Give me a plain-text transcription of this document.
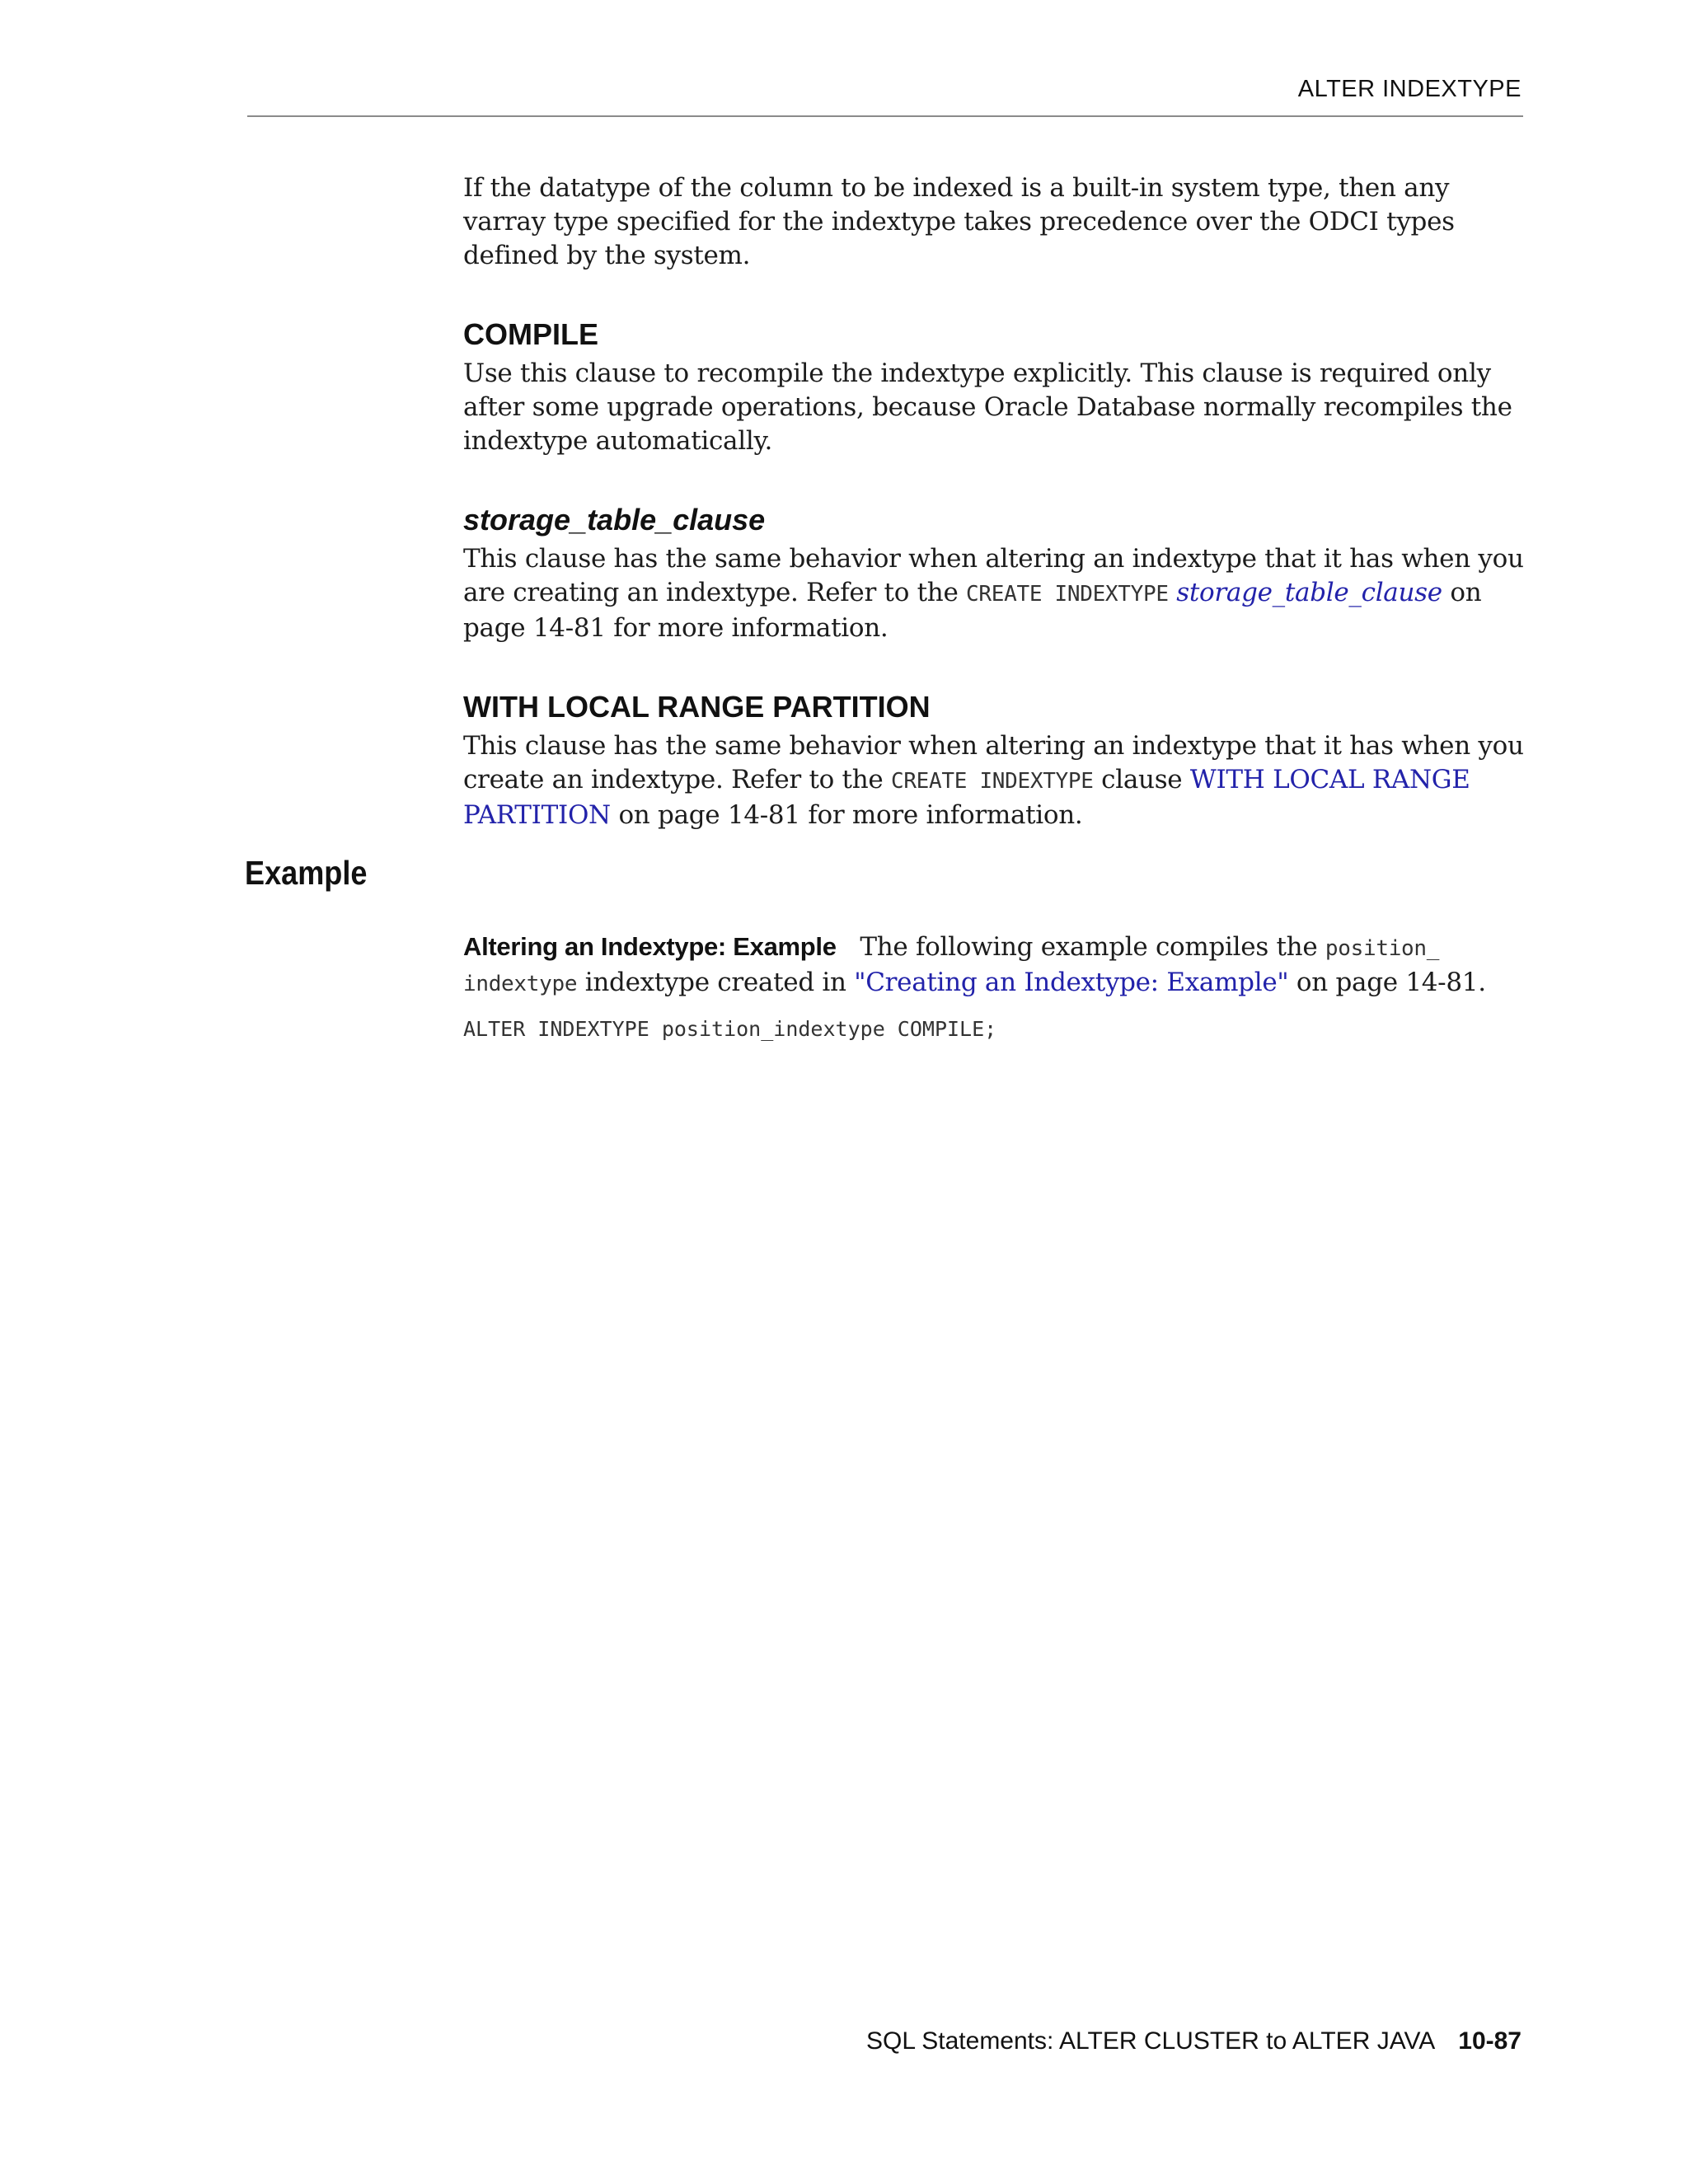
ALTER INDEXTYPE

If the datatype of the column to be indexed is a built-in system type, then any varray type specified for the indextype takes precedence over the ODCI types defined by the system.

COMPILE

Use this clause to recompile the indextype explicitly. This clause is required only after some upgrade operations, because Oracle Database normally recompiles the indextype automatically.

storage_table_clause

This clause has the same behavior when altering an indextype that it has when you are creating an indextype. Refer to the CREATE INDEXTYPE storage_table_clause on page 14-81 for more information.

WITH LOCAL RANGE PARTITION

This clause has the same behavior when altering an indextype that it has when you create an indextype. Refer to the CREATE INDEXTYPE clause WITH LOCAL RANGE PARTITION on page 14-81 for more information.

Example

Altering an Indextype: Example The following example compiles the position_
indextype indextype created in "Creating an Indextype: Example" on page 14-81.

ALTER INDEXTYPE position_indextype COMPILE;
SQL Statements: ALTER CLUSTER to ALTER JAVA 10-87
